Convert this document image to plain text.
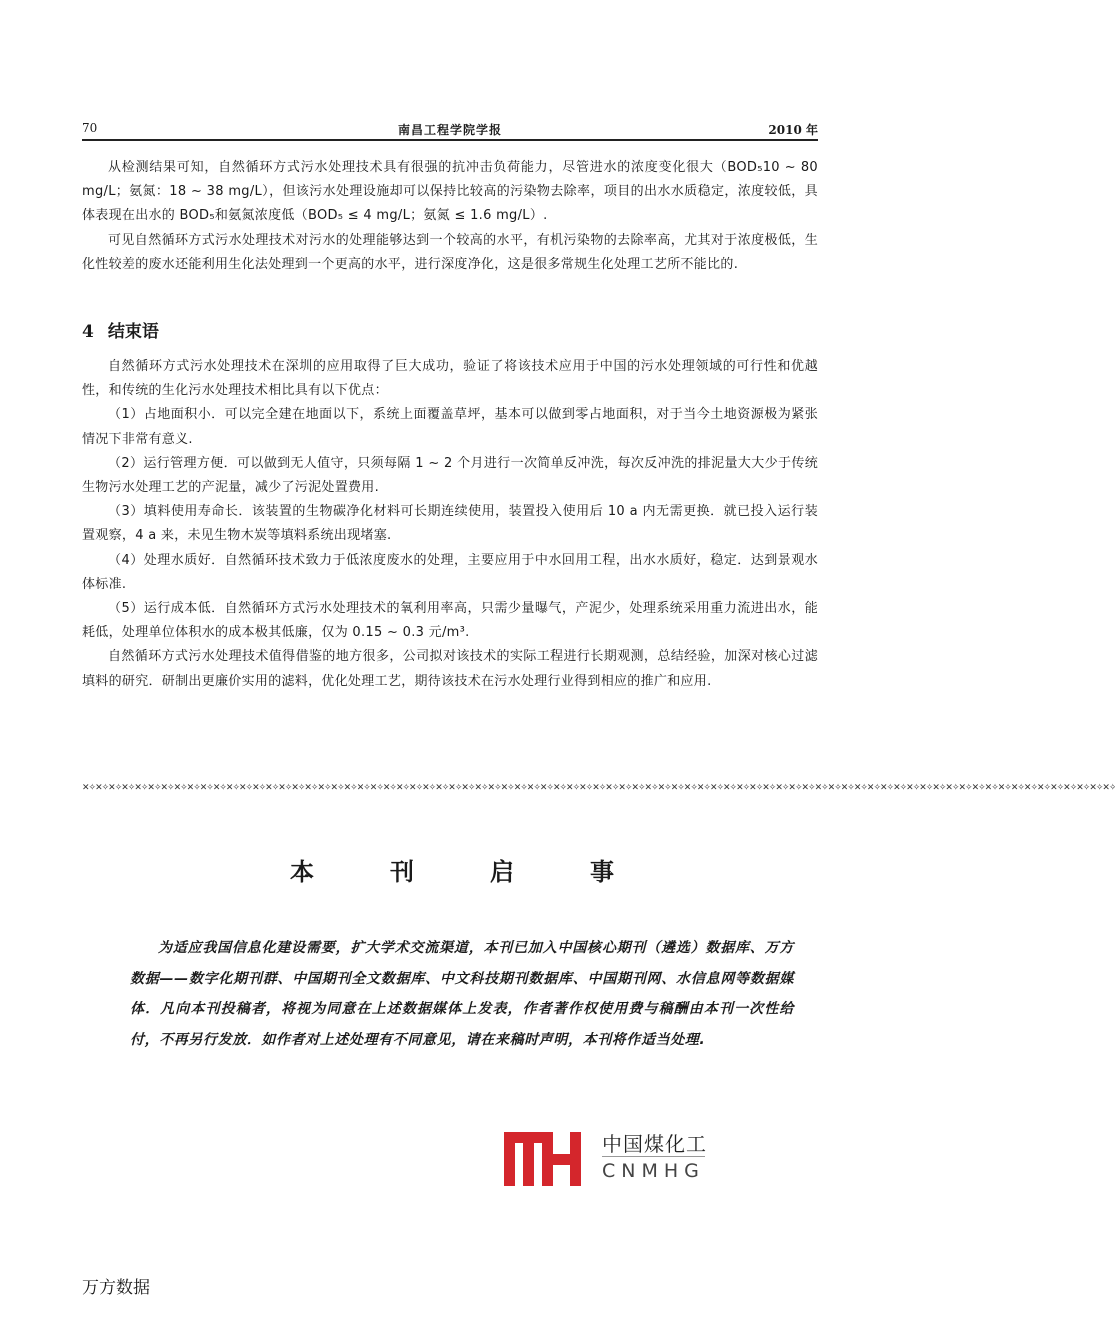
70	南昌工程学院学报	2010 年

从检测结果可知，自然循环方式污水处理技术具有很强的抗冲击负荷能力，尽管进水的浓度变化很大（BOD₅10 ~ 80 mg/L；氨氮：18 ~ 38 mg/L），但该污水处理设施却可以保持比较高的污染物去除率，项目的出水水质稳定，浓度较低，具体表现在出水的 BOD₅和氨氮浓度低（BOD₅ ≤ 4 mg/L；氨氮 ≤ 1.6 mg/L）.

可见自然循环方式污水处理技术对污水的处理能够达到一个较高的水平，有机污染物的去除率高，尤其对于浓度极低，生化性较差的废水还能利用生化法处理到一个更高的水平，进行深度净化，这是很多常规生化处理工艺所不能比的.

4 结束语

自然循环方式污水处理技术在深圳的应用取得了巨大成功，验证了将该技术应用于中国的污水处理领域的可行性和优越性，和传统的生化污水处理技术相比具有以下优点：

（1）占地面积小．可以完全建在地面以下，系统上面覆盖草坪，基本可以做到零占地面积，对于当今土地资源极为紧张情况下非常有意义.

（2）运行管理方便．可以做到无人值守，只须每隔 1 ~ 2 个月进行一次简单反冲洗，每次反冲洗的排泥量大大少于传统生物污水处理工艺的产泥量，减少了污泥处置费用.

（3）填料使用寿命长．该装置的生物碳净化材料可长期连续使用，装置投入使用后 10 a 内无需更换．就已投入运行装置观察，4 a 来，未见生物木炭等填料系统出现堵塞.

（4）处理水质好．自然循环技术致力于低浓度废水的处理，主要应用于中水回用工程，出水水质好，稳定．达到景观水体标准.

（5）运行成本低．自然循环方式污水处理技术的氧利用率高，只需少量曝气，产泥少，处理系统采用重力流进出水，能耗低，处理单位体积水的成本极其低廉，仅为 0.15 ~ 0.3 元/m³.

自然循环方式污水处理技术值得借鉴的地方很多，公司拟对该技术的实际工程进行长期观测，总结经验，加深对核心过滤填料的研究．研制出更廉价实用的滤料，优化处理工艺，期待该技术在污水处理行业得到相应的推广和应用.

✕✧✕✧✕✧✕✧✕✧✕✧✕✧✕✧✕✧✕✧✕✧✕✧✕✧✕✧✕✧✕✧✕✧✕✧✕✧✕✧✕✧✕✧✕✧✕✧✕✧✕✧✕✧✕✧✕✧✕✧✕✧✕✧✕✧✕✧✕✧✕✧✕✧✕✧✕✧✕✧✕✧✕✧✕✧✕✧✕✧✕✧✕✧✕✧✕✧✕✧✕✧✕✧✕✧✕✧✕✧✕✧✕✧✕✧✕✧✕✧✕✧✕✧✕✧✕✧✕✧✕✧✕✧✕✧✕✧✕✧✕✧✕✧✕✧✕✧✕✧✕✧✕✧✕✧✕✧
本刊启事

为适应我国信息化建设需要，扩大学术交流渠道，本刊已加入中国核心期刊（遴选）数据库、万方数据——数字化期刊群、中国期刊全文数据库、中文科技期刊数据库、中国期刊网、水信息网等数据媒体．凡向本刊投稿者，将视为同意在上述数据媒体上发表，作者著作权使用费与稿酬由本刊一次性给付，不再另行发放．如作者对上述处理有不同意见，请在来稿时声明，本刊将作适当处理.

中国煤化工
CNMHG
万方数据
